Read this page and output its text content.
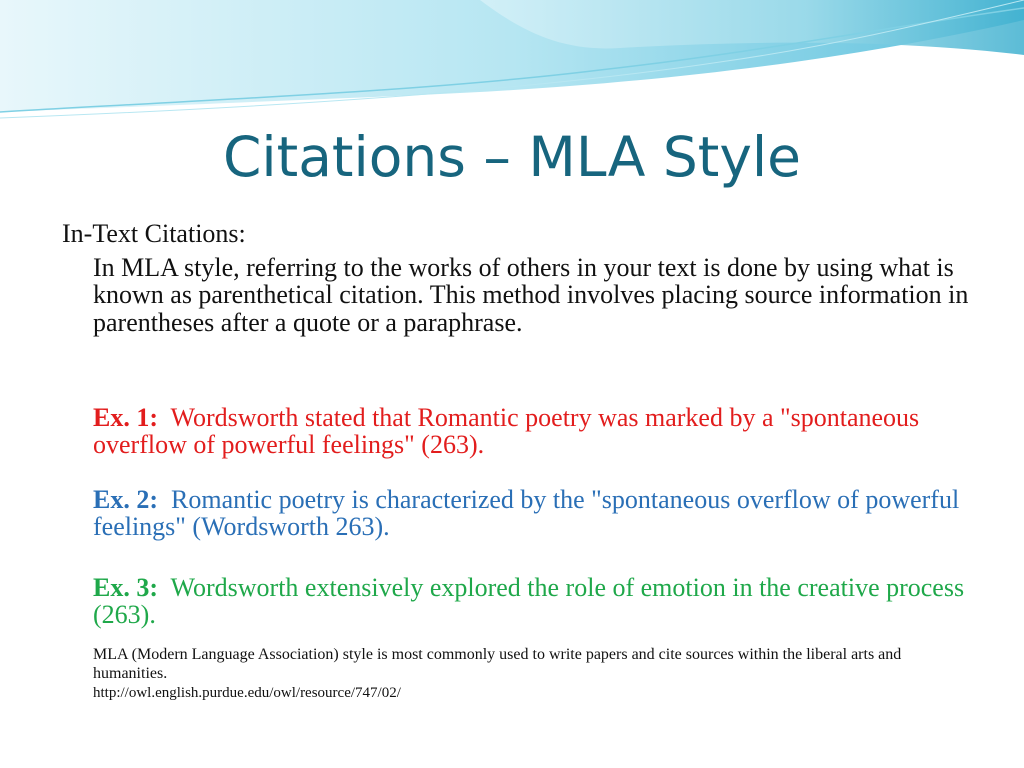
Citations – MLA Style
In-Text Citations:
In MLA style, referring to the works of others in your text is done by using what is known as parenthetical citation. This method involves placing source information in parentheses after a quote or a paraphrase.
Ex. 1: Wordsworth stated that Romantic poetry was marked by a "spontaneous overflow of powerful feelings" (263).
Ex. 2: Romantic poetry is characterized by the "spontaneous overflow of powerful feelings" (Wordsworth 263).
Ex. 3: Wordsworth extensively explored the role of emotion in the creative process (263).
MLA (Modern Language Association) style is most commonly used to write papers and cite sources within the liberal arts and humanities.
http://owl.english.purdue.edu/owl/resource/747/02/
